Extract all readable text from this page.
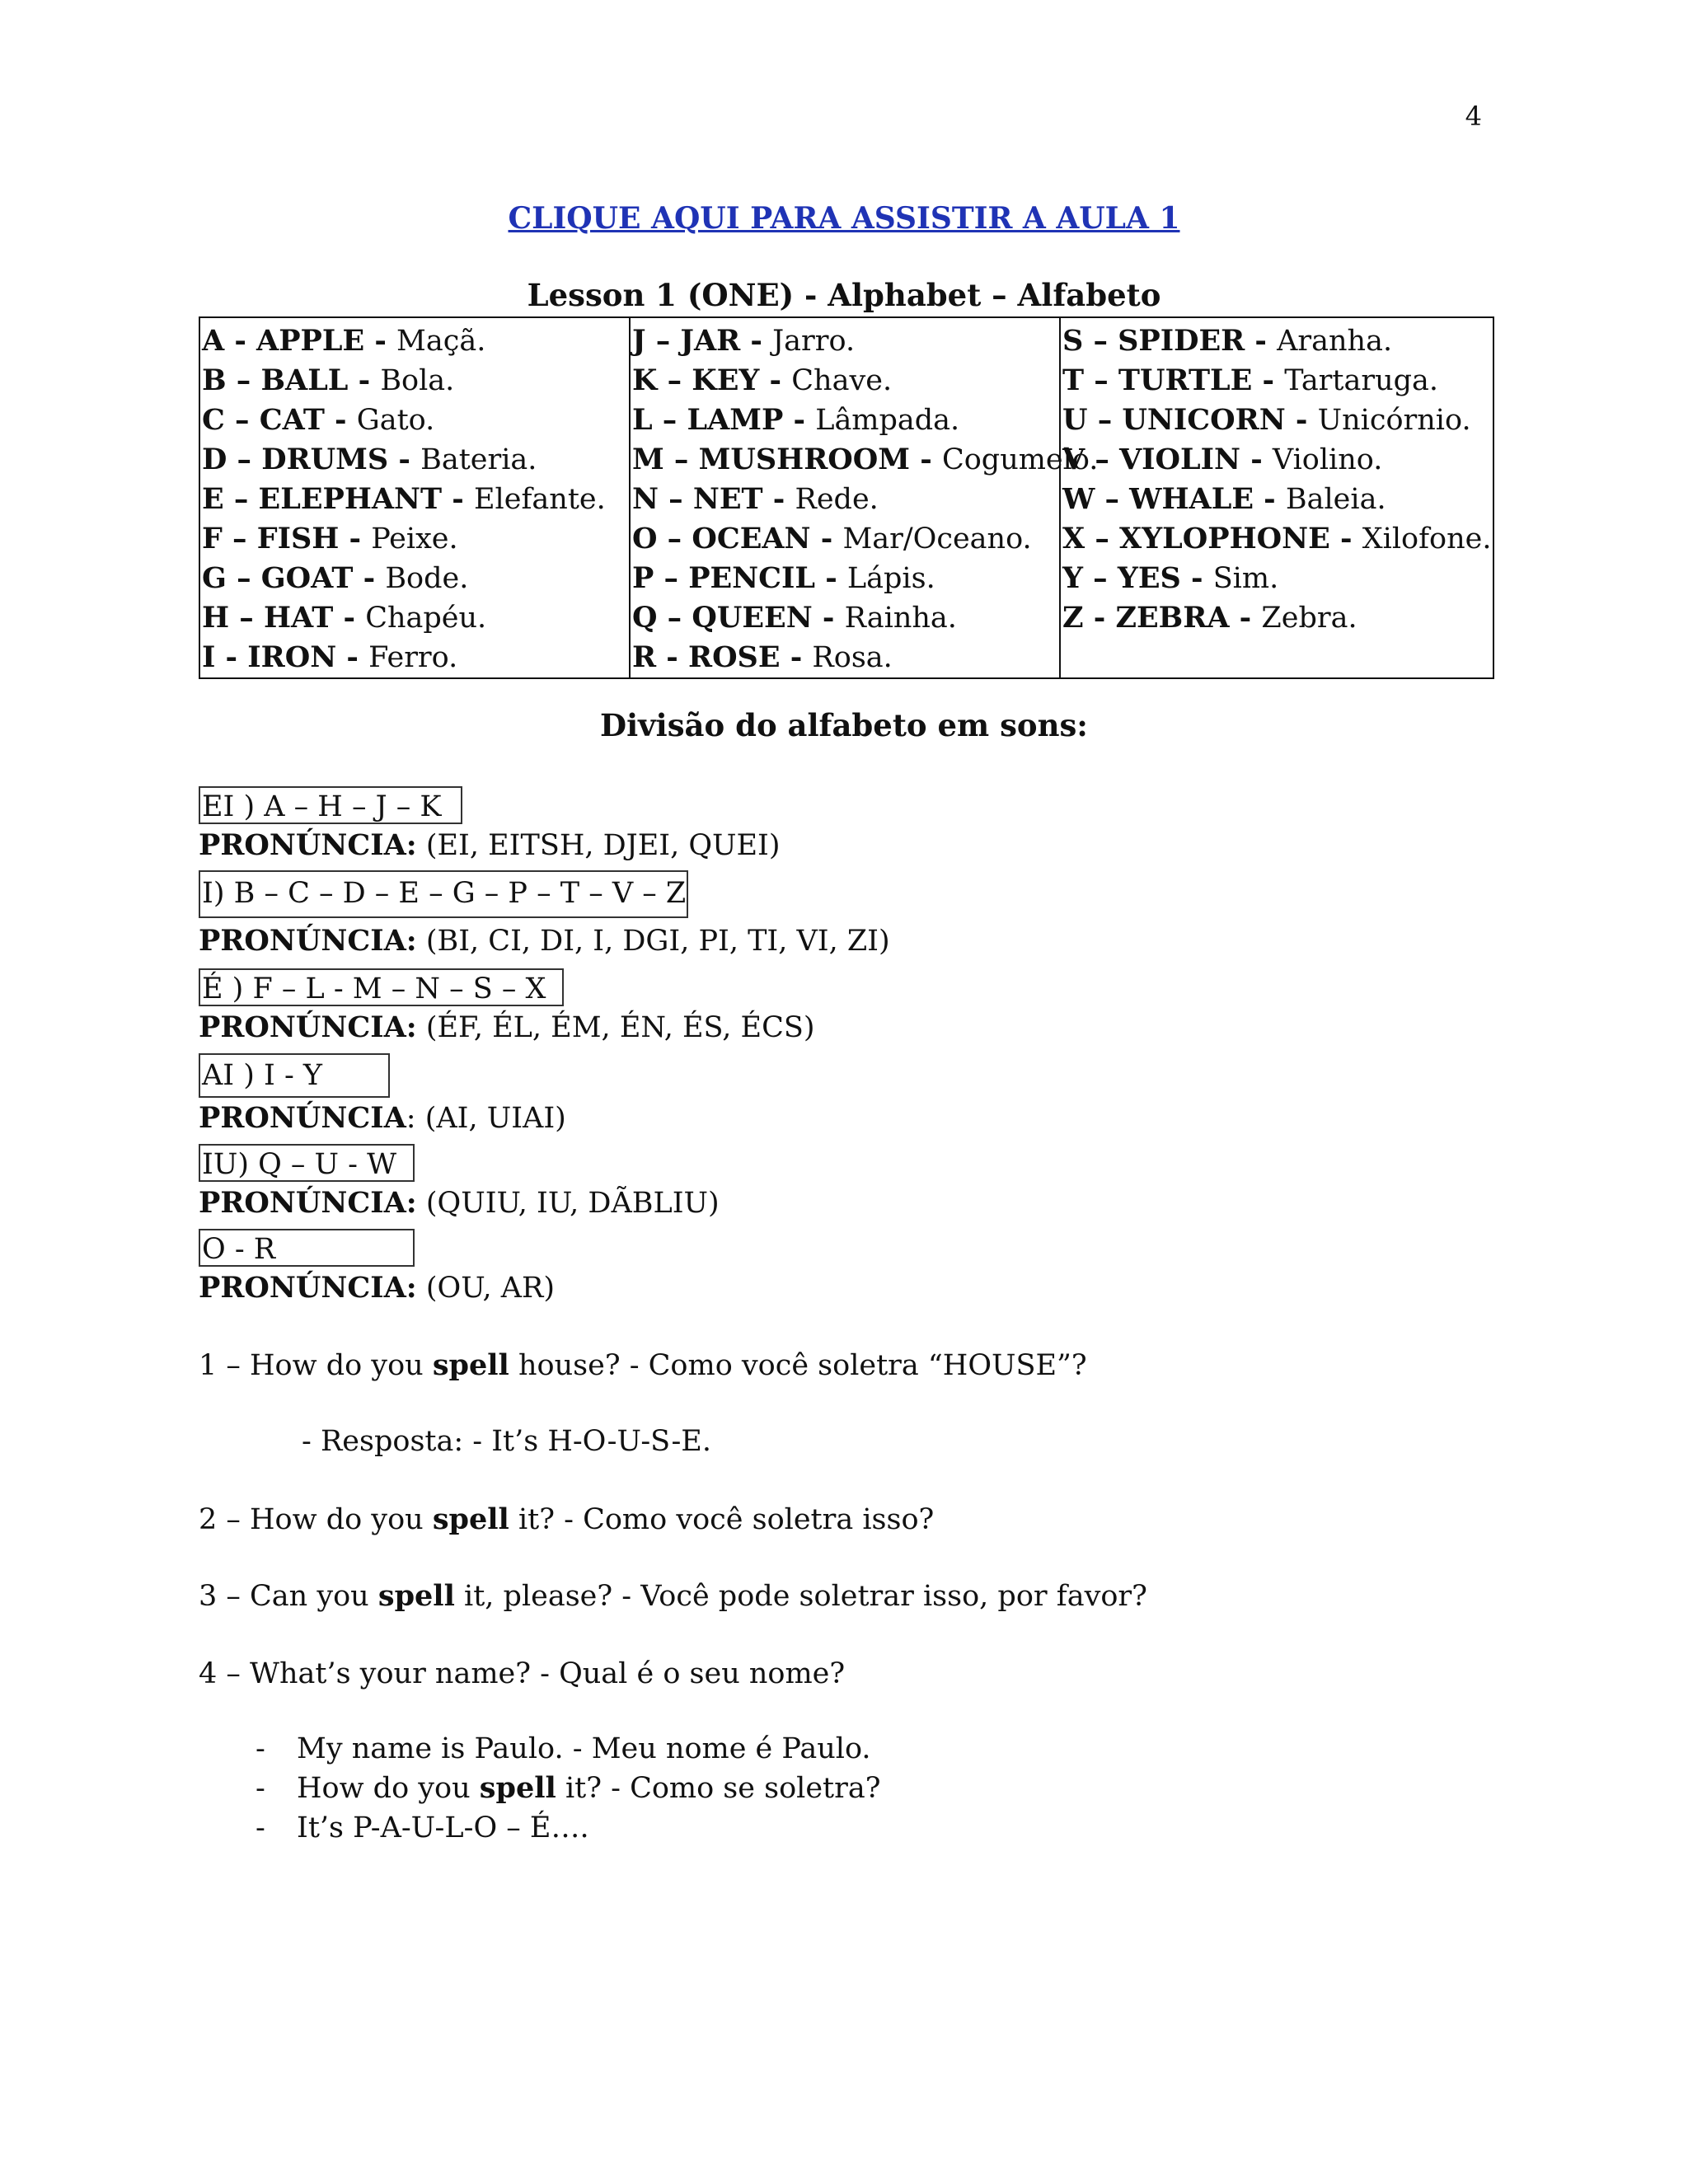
4
CLIQUE AQUI PARA ASSISTIR A AULA 1
Lesson 1 (ONE) - Alphabet – Alfabeto
A - APPLE - Maçã.
B – BALL - Bola.
C – CAT - Gato.
D – DRUMS - Bateria.
E – ELEPHANT - Elefante.
F – FISH - Peixe.
G – GOAT - Bode.
H – HAT - Chapéu.
I - IRON - Ferro.

J – JAR - Jarro.
K – KEY - Chave.
L – LAMP - Lâmpada.
M – MUSHROOM - Cogumelo.
N – NET - Rede.
O – OCEAN - Mar/Oceano.
P – PENCIL - Lápis.
Q – QUEEN - Rainha.
R - ROSE - Rosa.

S – SPIDER - Aranha.
T – TURTLE - Tartaruga.
U – UNICORN - Unicórnio.
V – VIOLIN - Violino.
W – WHALE - Baleia.
X – XYLOPHONE - Xilofone.
Y – YES - Sim.
Z - ZEBRA - Zebra.
Divisão do alfabeto em sons:
EI ) A – H – J – K
PRONÚNCIA: (EI, EITSH, DJEI, QUEI)
I) B – C – D – E – G – P – T – V – Z
PRONÚNCIA: (BI, CI, DI, I, DGI, PI, TI, VI, ZI)
É ) F – L - M – N – S – X
PRONÚNCIA: (ÉF, ÉL, ÉM, ÉN, ÉS, ÉCS)
AI ) I - Y
PRONÚNCIA: (AI, UIAI)
IU) Q – U - W
PRONÚNCIA: (QUIU, IU, DÃBLIU)
O - R
PRONÚNCIA: (OU, AR)
1 – How do you spell house? - Como você soletra “HOUSE”?
- Resposta: - It’s H-O-U-S-E.
2 – How do you spell it? - Como você soletra isso?
3 – Can you spell it, please? - Você pode soletrar isso, por favor?
4 – What’s your name? - Qual é o seu nome?
- My name is Paulo. - Meu nome é Paulo.
- How do you spell it? - Como se soletra?
- It’s P-A-U-L-O – É….
